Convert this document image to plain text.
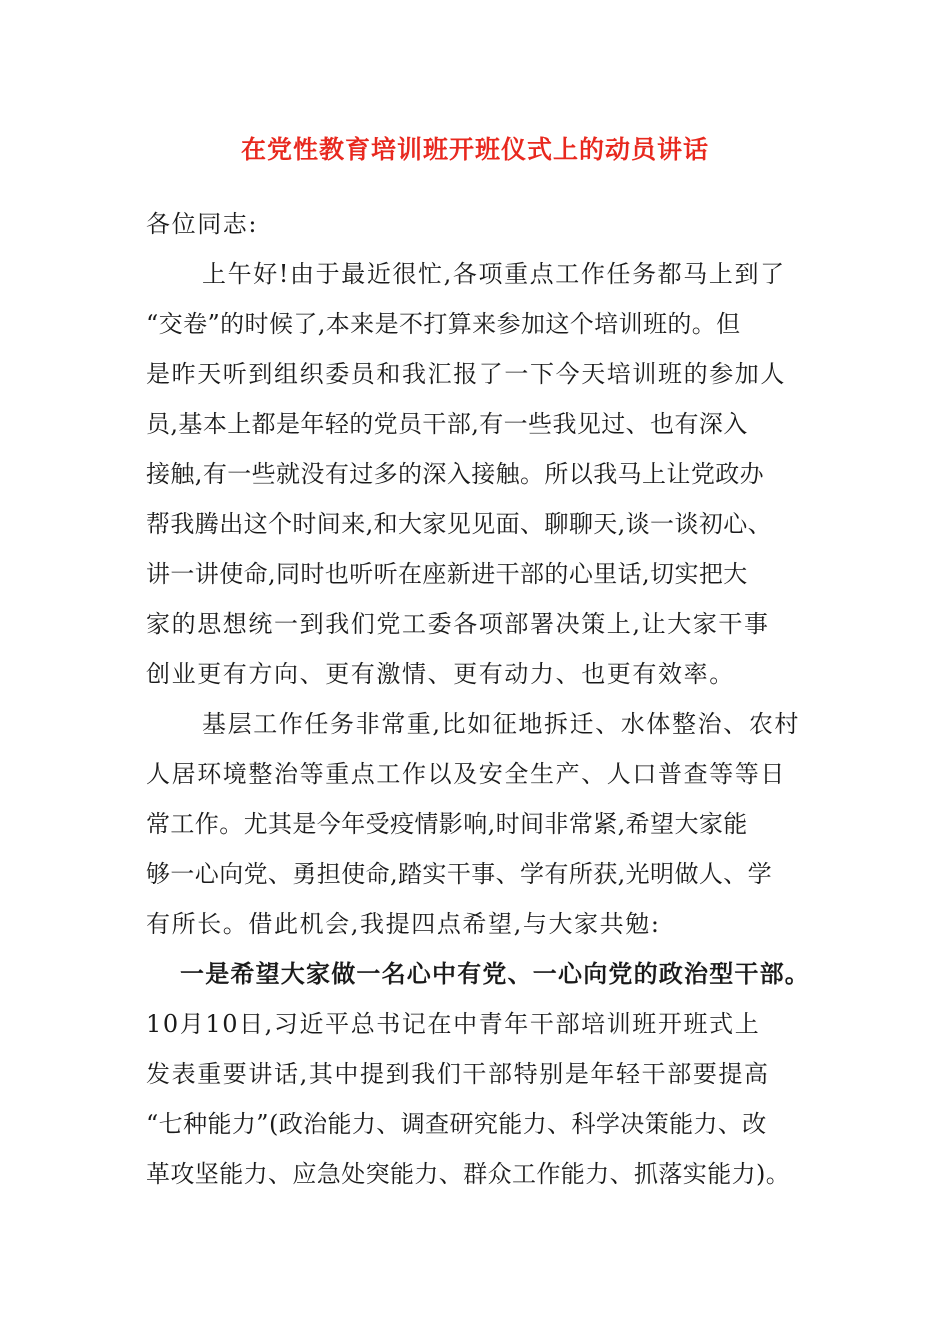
在党性教育培训班开班仪式上的动员讲话
各位同志:
上午好!由于最近很忙,各项重点工作任务都马上到了
“交卷”的时候了,本来是不打算来参加这个培训班的。但
是昨天听到组织委员和我汇报了一下今天培训班的参加人
员,基本上都是年轻的党员干部,有一些我见过、也有深入
接触,有一些就没有过多的深入接触。所以我马上让党政办
帮我腾出这个时间来,和大家见见面、聊聊天,谈一谈初心、
讲一讲使命,同时也听听在座新进干部的心里话,切实把大
家的思想统一到我们党工委各项部署决策上,让大家干事
创业更有方向、更有激情、更有动力、也更有效率。
基层工作任务非常重,比如征地拆迁、水体整治、农村
人居环境整治等重点工作以及安全生产、人口普查等等日
常工作。尤其是今年受疫情影响,时间非常紧,希望大家能
够一心向党、勇担使命,踏实干事、学有所获,光明做人、学
有所长。借此机会,我提四点希望,与大家共勉:
一是希望大家做一名心中有党、一心向党的政治型干部。
10月10日,习近平总书记在中青年干部培训班开班式上
发表重要讲话,其中提到我们干部特别是年轻干部要提高
“七种能力”(政治能力、调查研究能力、科学决策能力、改
革攻坚能力、应急处突能力、群众工作能力、抓落实能力)。
